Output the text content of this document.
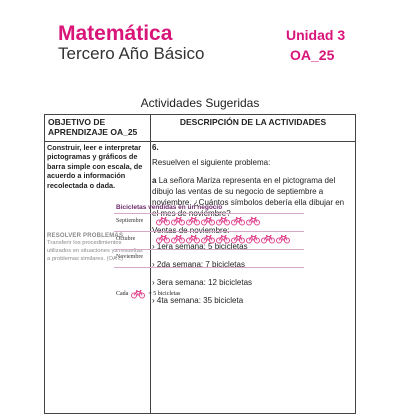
Matemática
Tercero Año Básico
Unidad 3
OA_25
Actividades Sugeridas
OBJETIVO DE APRENDIZAJE OA_25
DESCRIPCIÓN DE LA ACTIVIDADES
Construir, leer e interpretar pictogramas y gráficos de barra simple con escala, de acuerdo a información recolectada o dada.
RESOLVER PROBLEMAS
Transferir los procedimientos utilizados en situaciones ya resueltas a problemas similares. (OA c)
6.
Resuelven el siguiente problema:
a La señora Mariza representa en el pictograma del dibujo las ventas de su negocio de septiembre a noviembre. ¿Cuántos símbolos debería ella dibujar en el mes de noviembre?
Ventas de noviembre:
› 1era semana: 5 bicicletas
› 2da semana: 7 bicicletas
› 3era semana: 12 bicicletas
› 4ta semana: 35 bicicleta
Bicicletas vendidas en un negocio
Septiembre
Octubre
Noviembre
Cada	= 5 bicicletas
